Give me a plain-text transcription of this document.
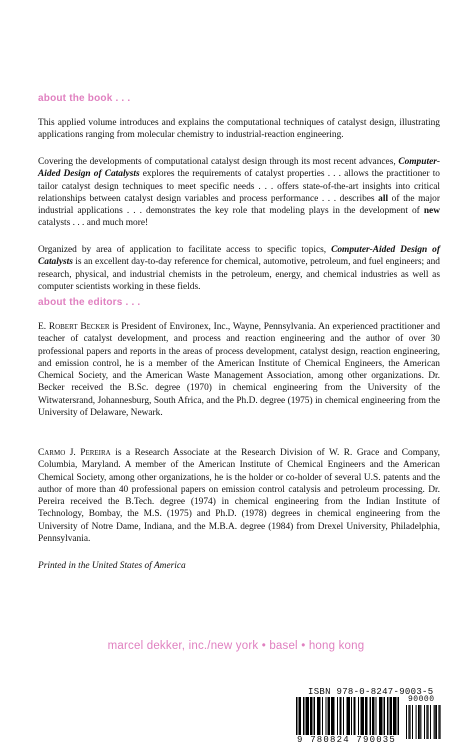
about the book . . .
This applied volume introduces and explains the computational techniques of catalyst design, illustrating applications ranging from molecular chemistry to industrial-reaction engineering.
Covering the developments of computational catalyst design through its most recent advances, Computer-Aided Design of Catalysts explores the requirements of catalyst properties . . . allows the practitioner to tailor catalyst design techniques to meet specific needs . . . offers state-of-the-art insights into critical relationships between catalyst design variables and process performance . . . describes all of the major industrial applications . . . demonstrates the key role that modeling plays in the development of new catalysts . . . and much more!
Organized by area of application to facilitate access to specific topics, Computer-Aided Design of Catalysts is an excellent day-to-day reference for chemical, automotive, petroleum, and fuel engineers; and research, physical, and industrial chemists in the petroleum, energy, and chemical industries as well as computer scientists working in these fields.
about the editors . . .
E. Robert Becker is President of Environex, Inc., Wayne, Pennsylvania. An experienced practitioner and teacher of catalyst development, and process and reaction engineering and the author of over 30 professional papers and reports in the areas of process development, catalyst design, reaction engineering, and emission control, he is a member of the American Institute of Chemical Engineers, the American Chemical Society, and the American Waste Management Association, among other organizations. Dr. Becker received the B.Sc. degree (1970) in chemical engineering from the University of the Witwatersrand, Johannesburg, South Africa, and the Ph.D. degree (1975) in chemical engineering from the University of Delaware, Newark.
Carmo J. Pereira is a Research Associate at the Research Division of W. R. Grace and Company, Columbia, Maryland. A member of the American Institute of Chemical Engineers and the American Chemical Society, among other organizations, he is the holder or co-holder of several U.S. patents and the author of more than 40 professional papers on emission control catalysis and petroleum processing. Dr. Pereira received the B.Tech. degree (1974) in chemical engineering from the Indian Institute of Technology, Bombay, the M.S. (1975) and Ph.D. (1978) degrees in chemical engineering from the University of Notre Dame, Indiana, and the M.B.A. degree (1984) from Drexel University, Philadelphia, Pennsylvania.
Printed in the United States of America
marcel dekker, inc./new york • basel • hong kong
ISBN 978-0-8247-9003-5
90000
9 780824 790035
